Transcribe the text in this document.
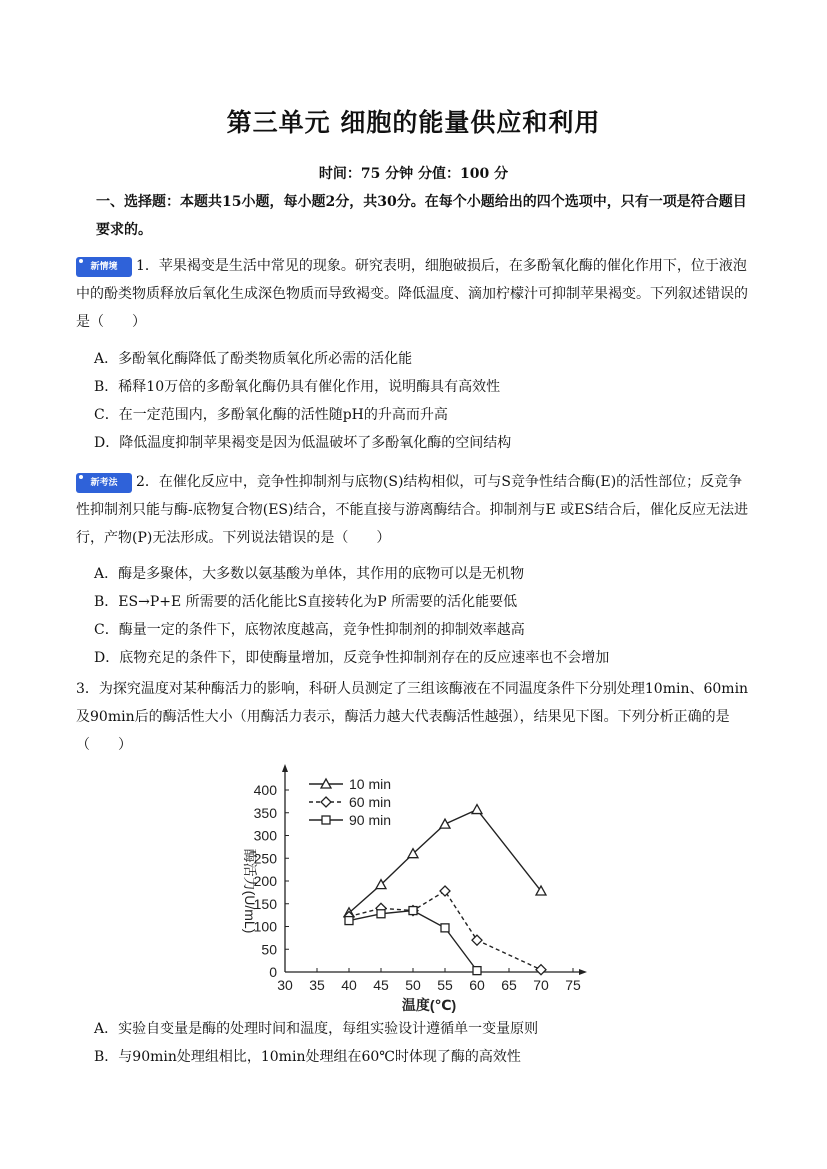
第三单元 细胞的能量供应和利用
时间：75 分钟 分值：100 分
一、选择题：本题共15小题，每小题2分，共30分。在每个小题给出的四个选项中，只有一项是符合题目要求的。
新情境 1．苹果褐变是生活中常见的现象。研究表明，细胞破损后，在多酚氧化酶的催化作用下，位于液泡中的酚类物质释放后氧化生成深色物质而导致褐变。降低温度、滴加柠檬汁可抑制苹果褐变。下列叙述错误的是（　　）
A．多酚氧化酶降低了酚类物质氧化所必需的活化能
B．稀释10万倍的多酚氧化酶仍具有催化作用，说明酶具有高效性
C．在一定范围内，多酚氧化酶的活性随pH的升高而升高
D．降低温度抑制苹果褐变是因为低温破坏了多酚氧化酶的空间结构
新考法 2．在催化反应中，竞争性抑制剂与底物(S)结构相似，可与S竞争性结合酶(E)的活性部位；反竞争性抑制剂只能与酶-底物复合物(ES)结合，不能直接与游离酶结合。抑制剂与E 或ES结合后，催化反应无法进行，产物(P)无法形成。下列说法错误的是（　　）
A．酶是多聚体，大多数以氨基酸为单体，其作用的底物可以是无机物
B．ES→P+E 所需要的活化能比S直接转化为P 所需要的活化能要低
C．酶量一定的条件下，底物浓度越高，竞争性抑制剂的抑制效率越高
D．底物充足的条件下，即使酶量增加，反竞争性抑制剂存在的反应速率也不会增加
3．为探究温度对某种酶活力的影响，科研人员测定了三组该酶液在不同温度条件下分别处理10min、60min及90min后的酶活性大小（用酶活力表示，酶活力越大代表酶活性越强），结果见下图。下列分析正确的是（　　）
30 35 40 45 50 55 60 65 70 75
0
50
100
150
200
250
300
350
400
温度(℃)
酶活力(U/mL)
10 min
60 min
90 min
A．实验自变量是酶的处理时间和温度，每组实验设计遵循单一变量原则
B．与90min处理组相比，10min处理组在60℃时体现了酶的高效性
